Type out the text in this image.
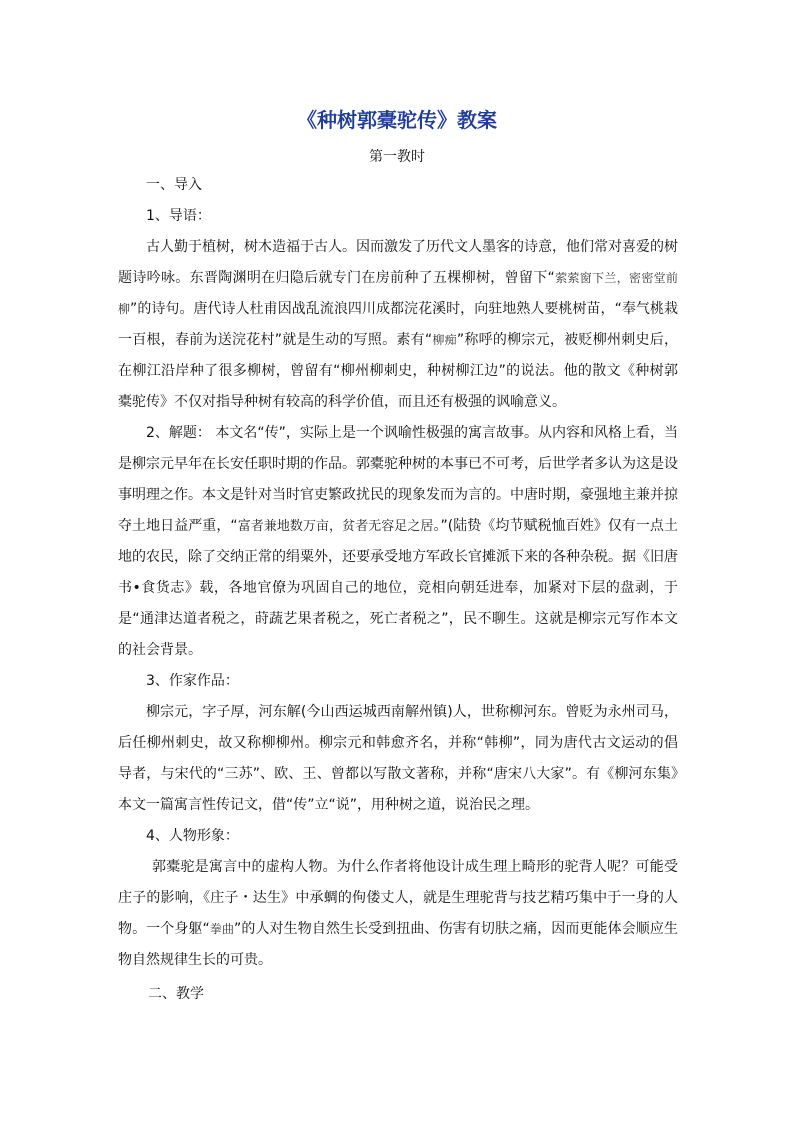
《种树郭橐驼传》教案
第一教时

一、导入

1、导语：

古人勤于植树，树木造福于古人。因而激发了历代文人墨客的诗意，他们常对喜爱的树题诗吟咏。东晋陶渊明在归隐后就专门在房前种了五棵柳树，曾留下“萦萦窗下兰，密密堂前柳”的诗句。唐代诗人杜甫因战乱流浪四川成都浣花溪时，向驻地熟人要桃树苗，“奉气桃栽一百根，春前为送浣花村”就是生动的写照。素有“柳痴”称呼的柳宗元，被贬柳州刺史后，在柳江沿岸种了很多柳树，曾留有“柳州柳刺史，种树柳江边”的说法。他的散文《种树郭橐驼传》不仅对指导种树有较高的科学价值，而且还有极强的讽喻意义。

2、解题： 本文名“传”，实际上是一个讽喻性极强的寓言故事。从内容和风格上看，当是柳宗元早年在长安任职时期的作品。郭橐驼种树的本事已不可考，后世学者多认为这是设事明理之作。本文是针对当时官吏繁政扰民的现象发而为言的。中唐时期，豪强地主兼并掠夺土地日益严重，“富者兼地数万亩，贫者无容足之居。”(陆贽《均节赋税恤百姓》仅有一点土地的农民，除了交纳正常的绢粟外，还要承受地方军政长官摊派下来的各种杂税。据《旧唐书•食货志》载，各地官僚为巩固自己的地位，竞相向朝廷进奉，加紧对下层的盘剥，于是“通津达道者税之，莳蔬艺果者税之，死亡者税之”，民不聊生。这就是柳宗元写作本文的社会背景。

3、作家作品：

柳宗元，字子厚，河东解(今山西运城西南解州镇)人，世称柳河东。曾贬为永州司马，后任柳州刺史，故又称柳柳州。柳宗元和韩愈齐名，并称“韩柳”，同为唐代古文运动的倡导者，与宋代的“三苏”、欧、王、曾都以写散文著称，并称“唐宋八大家”。有《柳河东集》　 本文一篇寓言性传记文，借“传”立“说”，用种树之道，说治民之理。

4、人物形象：

郭橐驼是寓言中的虚构人物。为什么作者将他设计成生理上畸形的驼背人呢？可能受庄子的影响，《庄子・达生》中承蜩的佝偻丈人，就是生理驼背与技艺精巧集中于一身的人物。一个身躯“拳曲”的人对生物自然生长受到扭曲、伤害有切肤之痛，因而更能体会顺应生物自然规律生长的可贵。

二、教学
